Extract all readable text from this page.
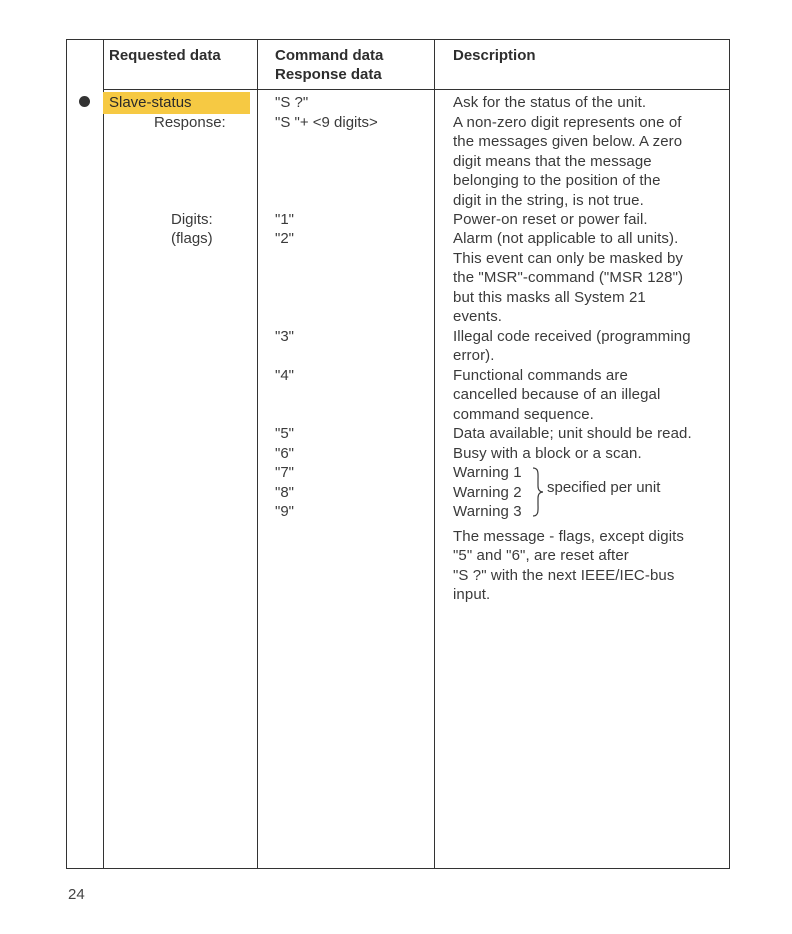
Requested data	Command data
Response data
Description
Slave-status
Response:
Digits:
(flags)
"S ?"
"S "+ <9 digits>
"1"
"2"
"3"
"4"
"5"
"6"
"7"
"8"
"9"
Ask for the status of the unit.
A non-zero digit represents one of
the messages given below. A zero
digit means that the message
belonging to the position of the
digit in the string, is not true.
Power-on reset or power fail.
Alarm (not applicable to all units).
This event can only be masked by
the "MSR"-command ("MSR 128")
but this masks all System 21
events.
Illegal code received (programming
error).
Functional commands are
cancelled because of an illegal
command sequence.
Data available; unit should be read.
Busy with a block or a scan.
Warning 1
Warning 2
Warning 3
specified per unit
The message - flags, except digits
"5" and "6", are reset after
"S ?" with the next IEEE/IEC-bus
input.
24
